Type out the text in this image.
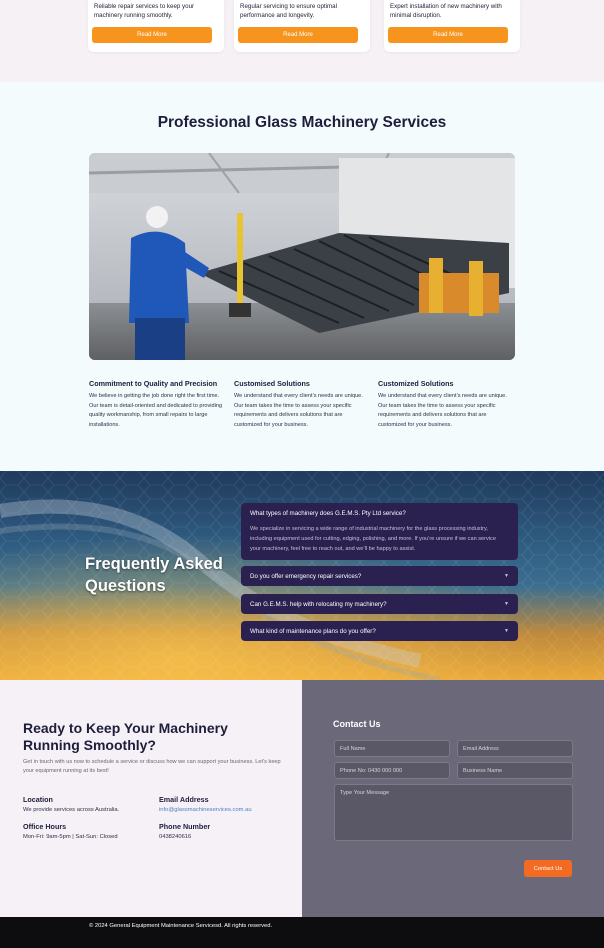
Reliable repair services to keep your machinery running smoothly.

Read More

Regular servicing to ensure optimal performance and longevity.

Read More

Expert installation of new machinery with minimal disruption.

Read More
Professional Glass Machinery Services
Commitment to Quality and Precision

We believe in getting the job done right the first time. Our team is detail-oriented and dedicated to providing quality workmanship, from small repairs to large installations.

Customised Solutions

We understand that every client’s needs are unique. Our team takes the time to assess your specific requirements and delivers solutions that are customized for your business.

Customized Solutions

We understand that every client’s needs are unique. Our team takes the time to assess your specific requirements and delivers solutions that are customized for your business.

Frequently Asked
Questions
What types of machinery does G.E.M.S. Pty Ltd service?

We specialize in servicing a wide range of industrial machinery for the glass processing industry, including equipment used for cutting, edging, polishing, and more. If you’re unsure if we can service your machinery, feel free to reach out, and we’ll be happy to assist.

Do you offer emergency repair services?	▼
Can G.E.M.S. help with relocating my machinery?	▼
What kind of maintenance plans do you offer?	▼
Ready to Keep Your Machinery Running Smoothly?

Get in touch with us now to schedule a service or discuss how we can support your business. Let’s keep your equipment running at its best!

Location
We provide services across Australia.
Email Address
info@glassmachineservices.com.au
Office Hours
Mon-Fri: 9am-5pm | Sat-Sun: Closed
Phone Number
0438240616
Contact Us
Full Name
Email Address
Phone No: 0430 000 000
Business Name
Type Your Message
Contact Us
© 2024 General Equipment Maintenance Servicesd. All rights reserved.
